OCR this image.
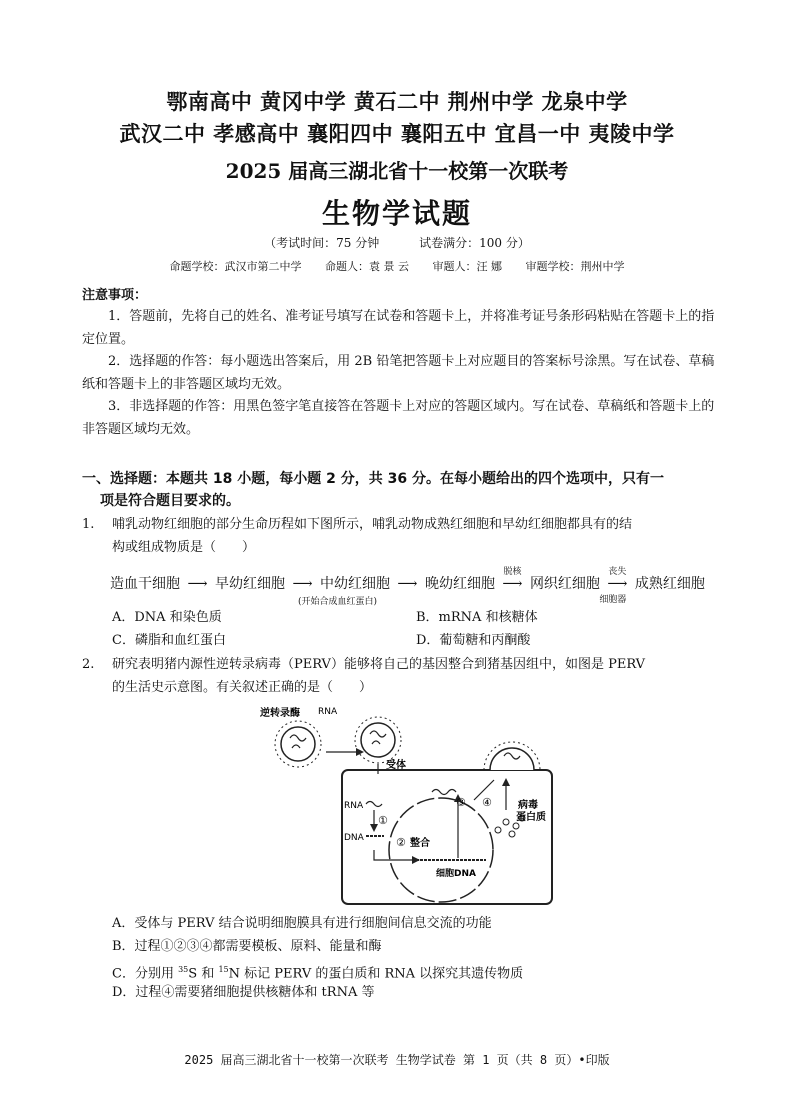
鄂南高中 黄冈中学 黄石二中 荆州中学 龙泉中学
武汉二中 孝感高中 襄阳四中 襄阳五中 宜昌一中 夷陵中学
2025 届高三湖北省十一校第一次联考
生物学试题
（考试时间：75 分钟	试卷满分：100 分）
命题学校：武汉市第二中学 命题人：袁 景 云 审题人：汪 娜 审题学校：荆州中学
注意事项：
1．答题前，先将自己的姓名、准考证号填写在试卷和答题卡上，并将准考证号条形码粘贴在答题卡上的指定位置。
2．选择题的作答：每小题选出答案后，用 2B 铅笔把答题卡上对应题目的答案标号涂黑。写在试卷、草稿纸和答题卡上的非答题区域均无效。
3．非选择题的作答：用黑色签字笔直接答在答题卡上对应的答题区域内。写在试卷、草稿纸和答题卡上的非答题区域均无效。
一、选择题：本题共 18 小题，每小题 2 分，共 36 分。在每小题给出的四个选项中，只有一
项是符合题目要求的。
1. 哺乳动物红细胞的部分生命历程如下图所示，哺乳动物成熟红细胞和早幼红细胞都具有的结
构或组成物质是（　　）
造血干细胞 ⟶ 早幼红细胞 ⟶ 中幼红细胞
(开始合成血红蛋白)
⟶ 晚幼红细胞 ⟶
脱核
网织红细胞 ⟶
丧失
细胞器
成熟红细胞
A．DNA 和染色质	B．mRNA 和核糖体
C．磷脂和血红蛋白	D．葡萄糖和丙酮酸
2. 研究表明猪内源性逆转录病毒（PERV）能够将自己的基因整合到猪基因组中，如图是 PERV
的生活史示意图。有关叙述正确的是（　　）
逆转录酶 RNA
受体
RNA
DNA
①
② 整合
③ ④
细胞DNA
病毒
蛋白质
A．受体与 PERV 结合说明细胞膜具有进行细胞间信息交流的功能
B．过程①②③④都需要模板、原料、能量和酶
C．分别用 $^{35}$S 和 $^{15}$N 标记 PERV 的蛋白质和 RNA 以探究其遗传物质
D．过程④需要猪细胞提供核糖体和 tRNA 等
2025 届高三湖北省十一校第一次联考 生物学试卷 第 1 页（共 8 页）•印版
